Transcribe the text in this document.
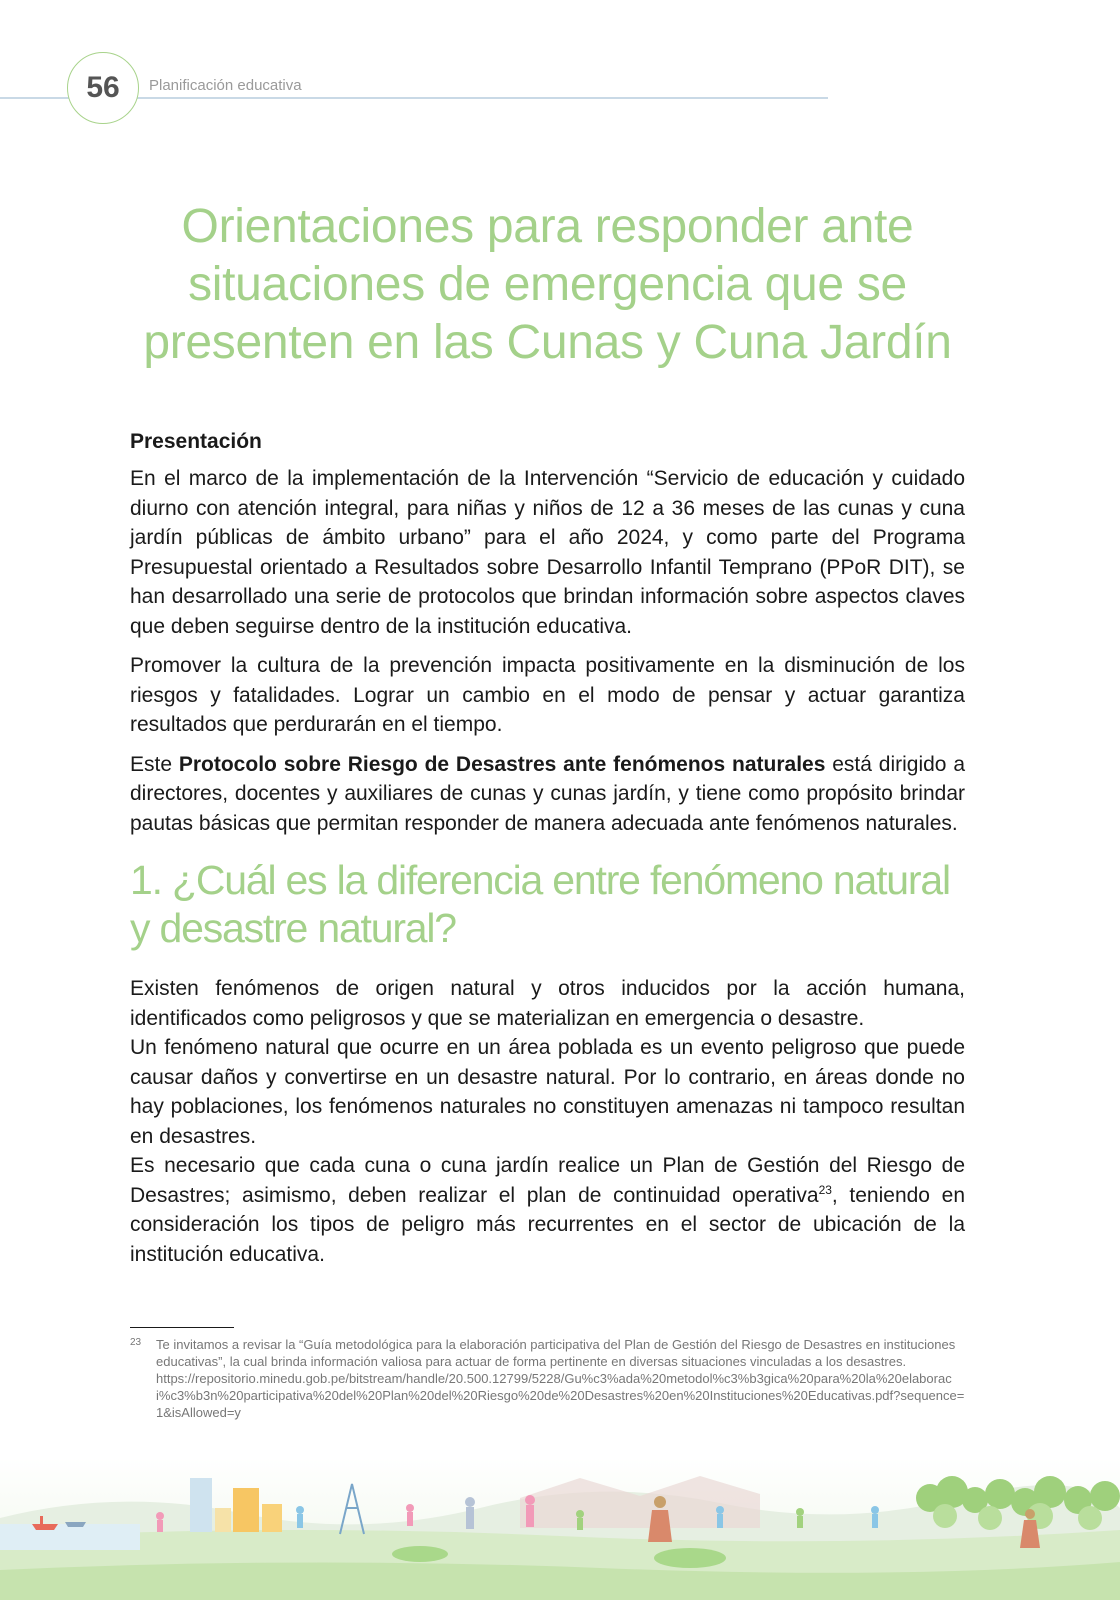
56	Planificación educativa
Orientaciones para responder ante situaciones de emergencia que se presenten en las Cunas y Cuna Jardín
Presentación

En el marco de la implementación de la Intervención “Servicio de educación y cuidado diurno con atención integral, para niñas y niños de 12 a 36 meses de las cunas y cuna jardín públicas de ámbito urbano” para el año 2024, y como parte del Programa Presupuestal orientado a Resultados sobre Desarrollo Infantil Temprano (PPoR DIT), se han desarrollado una serie de protocolos que brindan información sobre aspectos claves que deben seguirse dentro de la institución educativa.

Promover la cultura de la prevención impacta positivamente en la disminución de los riesgos y fatalidades. Lograr un cambio en el modo de pensar y actuar garantiza resultados que perdurarán en el tiempo.

Este Protocolo sobre Riesgo de Desastres ante fenómenos naturales está dirigido a directores, docentes y auxiliares de cunas y cunas jardín, y tiene como propósito brindar pautas básicas que permitan responder de manera adecuada ante fenómenos naturales.

1. ¿Cuál es la diferencia entre fenómeno natural y desastre natural?

Existen fenómenos de origen natural y otros inducidos por la acción humana, identificados como peligrosos y que se materializan en emergencia o desastre.

Un fenómeno natural que ocurre en un área poblada es un evento peligroso que puede causar daños y convertirse en un desastre natural. Por lo contrario, en áreas donde no hay poblaciones, los fenómenos naturales no constituyen amenazas ni tampoco resultan en desastres.

Es necesario que cada cuna o cuna jardín realice un Plan de Gestión del Riesgo de Desastres; asimismo, deben realizar el plan de continuidad operativa$^{23}$, teniendo en consideración los tipos de peligro más recurrentes en el sector de ubicación de la institución educativa.

23 Te invitamos a revisar la “Guía metodológica para la elaboración participativa del Plan de Gestión del Riesgo de Desastres en instituciones educativas”, la cual brinda información valiosa para actuar de forma pertinente en diversas situaciones vinculadas a los desastres.
https://repositorio.minedu.gob.pe/bitstream/handle/20.500.12799/5228/Gu%c3%ada%20metodol%c3%b3gica%20para%20la%20elaboraci%c3%b3n%20participativa%20del%20Plan%20del%20Riesgo%20de%20Desastres%20en%20Instituciones%20Educativas.pdf?sequence=1&isAllowed=y
